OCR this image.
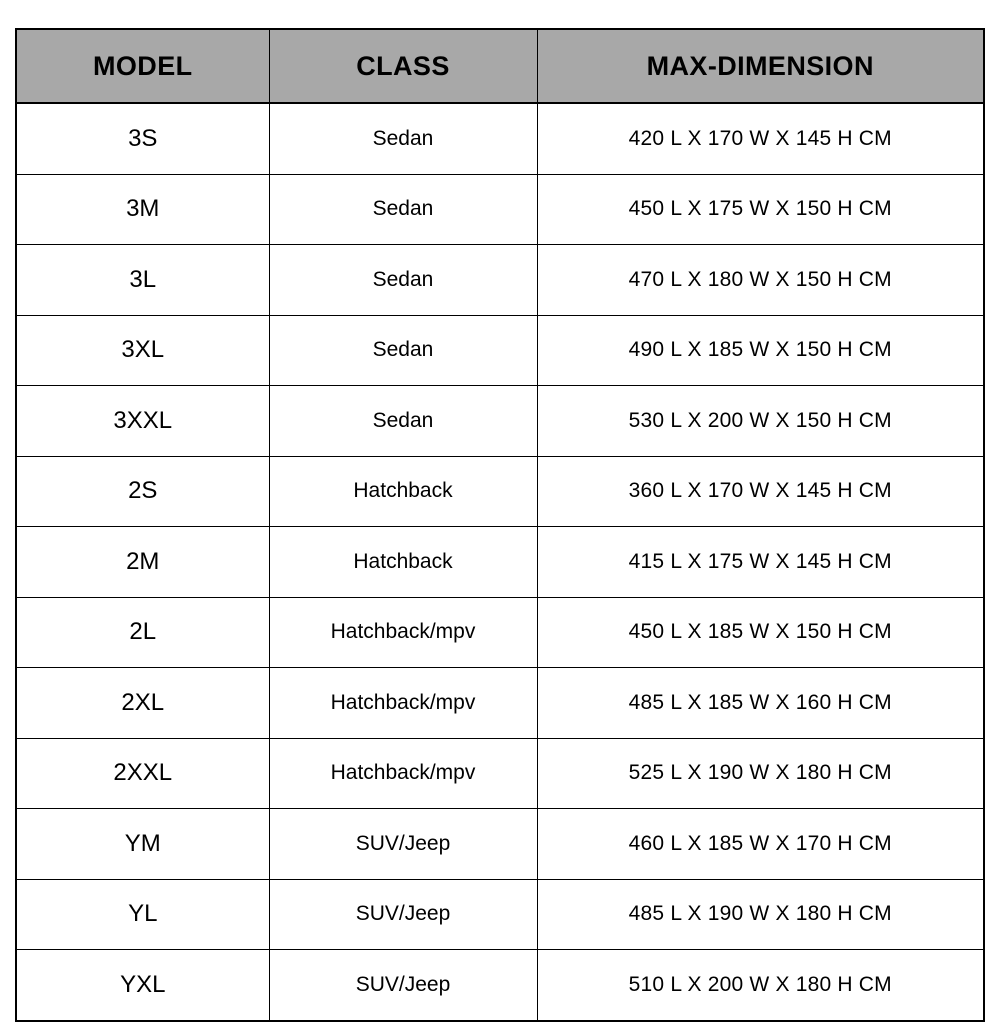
MODEL	CLASS	MAX-DIMENSION
3S	Sedan	420 L X 170 W X 145 H CM
3M	Sedan	450 L X 175 W X 150 H CM
3L	Sedan	470 L X 180 W X 150 H CM
3XL	Sedan	490 L X 185 W X 150 H CM
3XXL	Sedan	530 L X 200 W X 150 H CM
2S	Hatchback	360 L X 170 W X 145 H CM
2M	Hatchback	415 L X 175 W X 145 H CM
2L	Hatchback/mpv	450 L X 185 W X 150 H CM
2XL	Hatchback/mpv	485 L X 185 W X 160 H CM
2XXL	Hatchback/mpv	525 L X 190 W X 180 H CM
YM	SUV/Jeep	460 L X 185 W X 170 H CM
YL	SUV/Jeep	485 L X 190 W X 180 H CM
YXL	SUV/Jeep	510 L X 200 W X 180 H CM
